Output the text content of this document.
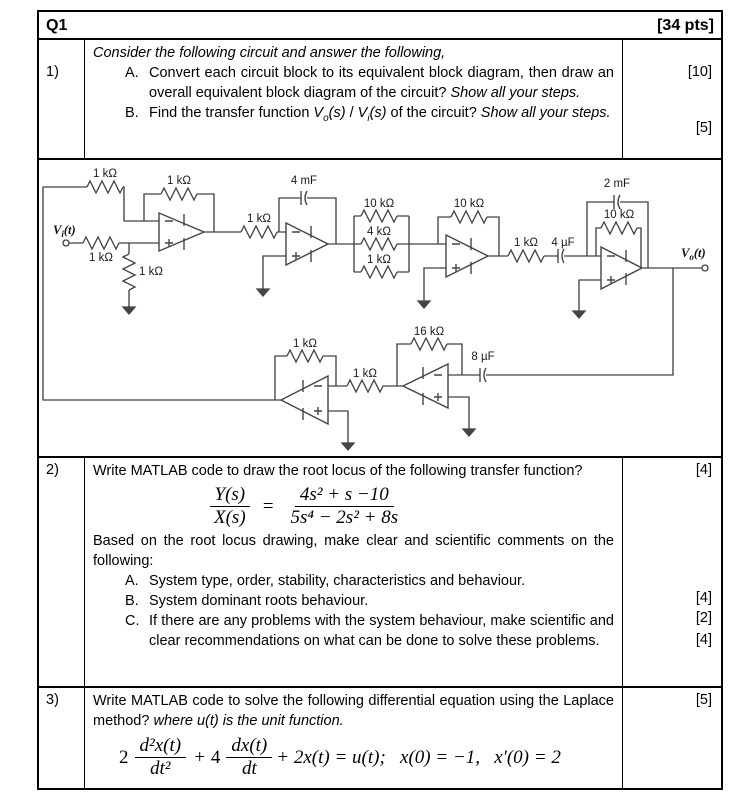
Q1	[34 pts]
1)
Consider the following circuit and answer the following,
A. Convert each circuit block to its equivalent block diagram, then draw an overall equivalent block diagram of the circuit? Show all your steps.
B. Find the transfer function $V_o(s) / V_i(s)$ of the circuit? Show all your steps.
[10]
[5]
1 kΩ
1 kΩ
1 kΩ
1 kΩ
1 kΩ
4 mF
10 kΩ
4 kΩ
1 kΩ
10 kΩ
1 kΩ 4 µF
2 mF
10 kΩ
8 µF
16 kΩ
1 kΩ
1 kΩ
$V_i(t)$
$V_o(t)$
2)	Write MATLAB code to draw the root locus of the following transfer function?
$\frac{Y(s)}{X(s)} = \frac{\text{4s² + s −10}}{\text{5s⁴ − 2s² + 8s}}$
Based on the root locus drawing, make clear and scientific comments on the following:
A. System type, order, stability, characteristics and behaviour.
B. System dominant roots behaviour.
C. If there are any problems with the system behaviour, make scientific and clear recommendations on what can be done to solve these problems.
[4]
[4]
[2]
[4]
3)	Write MATLAB code to solve the following differential equation using the Laplace method? where u(t) is the unit function.
$2 \frac{\text{d²x(t)}}{\text{dt²}} + 4 \frac{dx(t)}{dt} + 2x(t) = u(t)$;   x(0) = −1,   x′(0) = 2
[5]
